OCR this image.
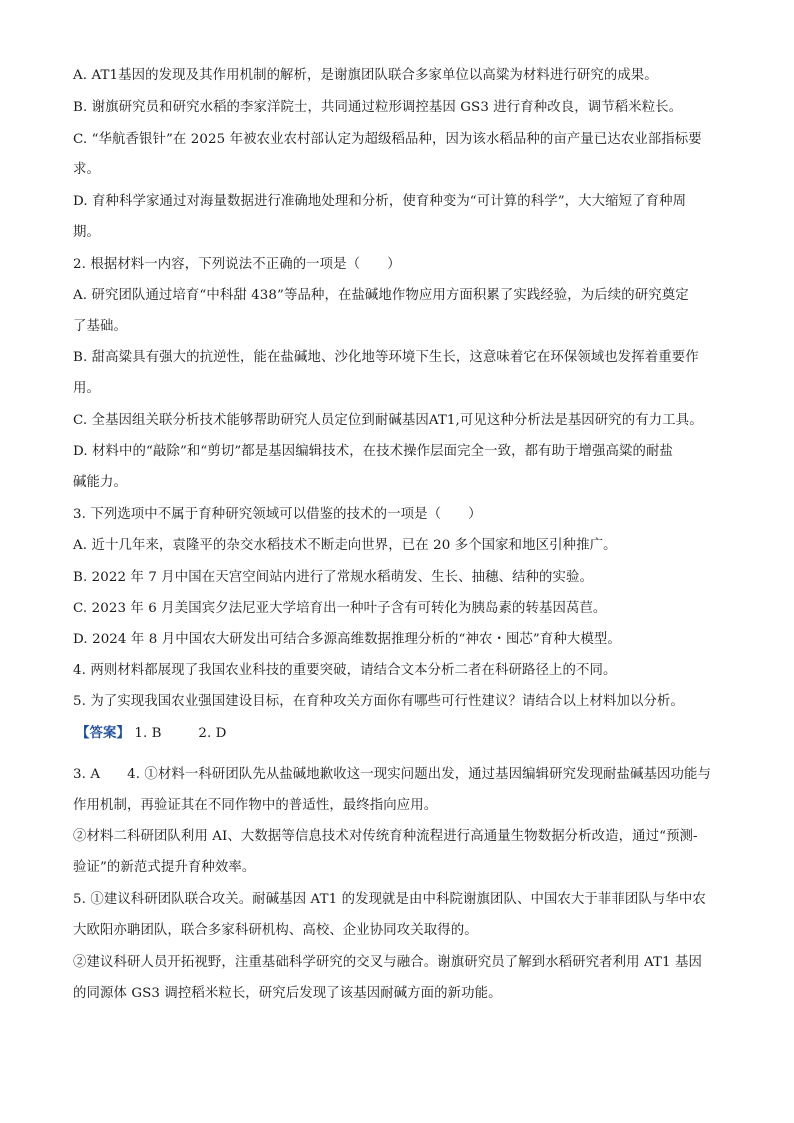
A. AT1基因的发现及其作用机制的解析，是谢旗团队联合多家单位以高粱为材料进行研究的成果。
B. 谢旗研究员和研究水稻的李家洋院士，共同通过粒形调控基因 GS3 进行育种改良，调节稻米粒长。
C. “华航香银针”在 2025 年被农业农村部认定为超级稻品种，因为该水稻品种的亩产量已达农业部指标要
求。
D. 育种科学家通过对海量数据进行准确地处理和分析，使育种变为“可计算的科学”，大大缩短了育种周
期。
2. 根据材料一内容，下列说法不正确的一项是（　　）
A. 研究团队通过培育“中科甜 438”等品种，在盐碱地作物应用方面积累了实践经验，为后续的研究奠定
了基础。
B. 甜高粱具有强大的抗逆性，能在盐碱地、沙化地等环境下生长，这意味着它在环保领域也发挥着重要作
用。
C. 全基因组关联分析技术能够帮助研究人员定位到耐碱基因AT1,可见这种分析法是基因研究的有力工具。
D. 材料中的“敲除”和“剪切”都是基因编辑技术，在技术操作层面完全一致，都有助于增强高粱的耐盐
碱能力。
3. 下列选项中不属于育种研究领域可以借鉴的技术的一项是（　　）
A. 近十几年来，袁隆平的杂交水稻技术不断走向世界，已在 20 多个国家和地区引种推广。
B. 2022 年 7 月中国在天宫空间站内进行了常规水稻萌发、生长、抽穗、结种的实验。
C. 2023 年 6 月美国宾夕法尼亚大学培育出一种叶子含有可转化为胰岛素的转基因莴苣。
D. 2024 年 8 月中国农大研发出可结合多源高维数据推理分析的“神农・囤芯”育种大模型。
4. 两则材料都展现了我国农业科技的重要突破，请结合文本分析二者在科研路径上的不同。
5. 为了实现我国农业强国建设目标，在育种攻关方面你有哪些可行性建议？请结合以上材料加以分析。
【答案】 1. B	2. D
3. A　　4. ①材料一科研团队先从盐碱地歉收这一现实问题出发，通过基因编辑研究发现耐盐碱基因功能与
作用机制，再验证其在不同作物中的普适性，最终指向应用。
②材料二科研团队利用 AI、大数据等信息技术对传统育种流程进行高通量生物数据分析改造，通过“预测-
验证”的新范式提升育种效率。
5. ①建议科研团队联合攻关。耐碱基因 AT1 的发现就是由中科院谢旗团队、中国农大于菲菲团队与华中农
大欧阳亦聃团队，联合多家科研机构、高校、企业协同攻关取得的。
②建议科研人员开拓视野，注重基础科学研究的交叉与融合。谢旗研究员了解到水稻研究者利用 AT1 基因
的同源体 GS3 调控稻米粒长，研究后发现了该基因耐碱方面的新功能。
